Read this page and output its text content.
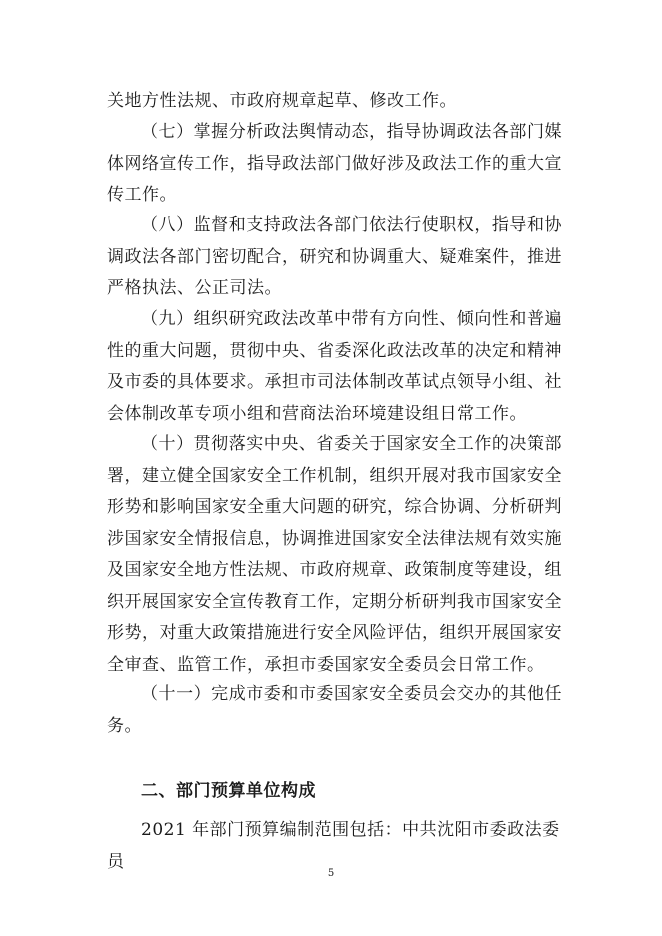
关地方性法规、市政府规章起草、修改工作。

（七）掌握分析政法舆情动态，指导协调政法各部门媒体网络宣传工作，指导政法部门做好涉及政法工作的重大宣传工作。

（八）监督和支持政法各部门依法行使职权，指导和协调政法各部门密切配合，研究和协调重大、疑难案件，推进严格执法、公正司法。

（九）组织研究政法改革中带有方向性、倾向性和普遍性的重大问题，贯彻中央、省委深化政法改革的决定和精神及市委的具体要求。承担市司法体制改革试点领导小组、社会体制改革专项小组和营商法治环境建设组日常工作。

（十）贯彻落实中央、省委关于国家安全工作的决策部署，建立健全国家安全工作机制，组织开展对我市国家安全形势和影响国家安全重大问题的研究，综合协调、分析研判涉国家安全情报信息，协调推进国家安全法律法规有效实施及国家安全地方性法规、市政府规章、政策制度等建设，组织开展国家安全宣传教育工作，定期分析研判我市国家安全形势，对重大政策措施进行安全风险评估，组织开展国家安全审查、监管工作，承担市委国家安全委员会日常工作。

（十一）完成市委和市委国家安全委员会交办的其他任务。

二、部门预算单位构成

2021 年部门预算编制范围包括：中共沈阳市委政法委员

5
